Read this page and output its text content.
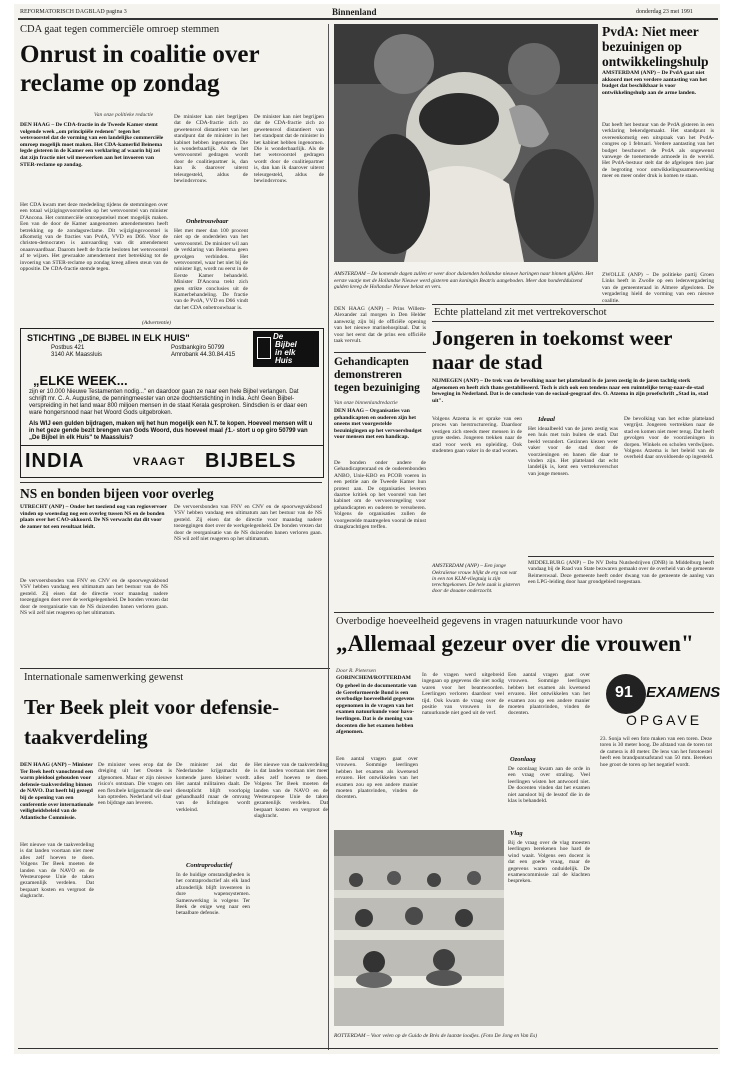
REFORMATORISCH DAGBLAD pagina 3	Binnenland	donderdag 23 mei 1991
CDA gaat tegen commerciële omroep stemmen
Onrust in coalitie over reclame op zondag
Van onze politieke redactie

DEN HAAG – De CDA-fractie in de Tweede Kamer stemt volgende week „om principiële redenen" tegen het wetsvoorstel dat de vorming van een landelijke commerciële omroep mogelijk moet maken. Het CDA-kamerlid Beinema legde gisteren in de Kamer een verklaring af waarin hij zei dat zijn fractie niet wil meewerken aan het invoeren van STER-reclame op zondag.

Het CDA kwam met deze mededeling tijdens de stemmingen over een totaal wijzigingsvoorstellen op het wetsvoorstel van minister D'Ancona. Het commerciële omroepstelsel moet mogelijk maken. Een van de door de Kamer aangenomen amendementen heeft betrekking op de zondagsreclame. Dit wijzigingsvoorstel is afkomstig van de fracties van PvdA, VVD en D66. Voor de christen-democraten is aanvaarding van dit amendement onaanvaardbaar. Daarom heeft de fractie besloten het wetsvoorstel af te wijzen. Het gewraakte amendement met betrekking tot de invoering van STER-reclame op zondag kreeg alleen steun van de oppositie. De CDA-fractie stemde tegen.

De minister kan niet begrijpen dat de CDA-fractie zich zo gewetensvol distantieert van het standpunt dat de minister in het kabinet hebben ingenomen. Die is wonderbaarlijk. Als de het wetsvoorstel gedragen wordt door de coalitiepartner is, dan kan ik daarover uiterst teleurgesteld, aldus de bewindsvrouw.

Onbetrouwbaar

Het met meer dan 100 procent niet op de onderdelen van het wetsvoorstel. De minister wil aan de verklaring van Beinema geen gevolgen verbinden. Het wetsvoorstel, waar het niet bij de minister ligt, wordt nu eerst in de Eerste Kamer behandeld. Minister D'Ancona trekt zich geen strikte conclusies uit de Kamerbehandeling. De fractie van de PvdA, VVD en D66 vindt dat het CDA onbetrouwbaar is.

De minister kan niet begrijpen dat de CDA-fractie zich zo gewetensvol distantieert van het standpunt dat de minister in het kabinet hebben ingenomen. Die is wonderbaarlijk. Als de het wetsvoorstel gedragen wordt door de coalitiepartner is, dan kan ik daarover uiterst teleurgesteld, aldus de bewindsvrouw.

(Advertentie)
STICHTING „DE BIJBEL IN ELK HUIS"
Postbus 421
3140 AK Maassluis
Postbankgiro 50799
Amrobank 44.30.84.415
De
Bijbel
in elk
Huis
„ELKE WEEK...

zijn er 10.000 Nieuwe Testamenten nodig..." en daardoor gaan ze naar een hele Bijbel verlangen. Dat schrijft mr. C. A. Augustine, de penningmeester van onze dochterstichting in India. Ach! Geen Bijbel-verspreiding in het land waar 800 miljoen mensen in de staat Kerala gesproken. Sindsdien is er daar een ware hongersnood naar het Woord Gods uitgebroken.

Als WIJ een gulden bijdragen, maken wij het hun mogelijk een N.T. te kopen. Hoeveel mensen wilt u in het geze gende bezit brengen van Gods Woord, dus hoeveel maal ƒ1.- stort u op giro 50799 van „De Bijbel in elk Huis" te Maassluis?

INDIA	VRAAGT BIJBELS
NS en bonden bijeen voor overleg

UTRECHT (ANP) – Onder het toeziend oog van regiovervoer vinden op woensdag nog een overleg tussen NS en de bonden plaats over het CAO-akkoord. De NS verwacht dat dit voor de zomer tot een resultaat leidt.

De vervoersbonden van FNV en CNV en de spoorwegvakbond VSV hebben vandaag een ultimatum aan het bestuur van de NS gesteld. Zij eisen dat de directie voor maandag nadere toezeggingen doet over de werkgelegenheid. De bonden vrezen dat door de reorganisatie van de NS duizenden banen verloren gaan. NS wil zelf niet reageren op het ultimatum.

De vervoersbonden van FNV en CNV en de spoorwegvakbond VSV hebben vandaag een ultimatum aan het bestuur van de NS gesteld. Zij eisen dat de directie voor maandag nadere toezeggingen doet over de werkgelegenheid. De bonden vrezen dat door de reorganisatie van de NS duizenden banen verloren gaan. NS wil zelf niet reageren op het ultimatum.

Internationale samenwerking gewenst
Ter Beek pleit voor defensie-taakverdeling

DEN HAAG (ANP) – Minister Ter Beek heeft vanochtend een warm pleidooi gehouden voor defensie-taakverdeling binnen de NAVO. Dat heeft hij gezegd bij de opening van een conferentie over internationale veiligheidsbeleid van de Atlantische Commissie.

Het nieuwe van de taakverdeling is dat landen voortaan niet meer alles zelf hoeven te doen. Volgens Ter Beek moeten de landen van de NAVO en de Westeuropese Unie de taken gezamenlijk verdelen. Dat bespaart kosten en vergroot de slagkracht.

De minister wees erop dat de dreiging uit het Oosten is afgenomen. Maar er zijn nieuwe risico's ontstaan. Die vragen om een flexibele krijgsmacht die snel kan optreden. Nederland wil daar een bijdrage aan leveren.

De minister zei dat de Nederlandse krijgsmacht de komende jaren kleiner wordt. Het aantal militairen daalt. De dienstplicht blijft voorlopig gehandhaafd maar de omvang van de lichtingen wordt verkleind.

Contraproductief

In de huidige omstandigheden is het contraproductief als elk land afzonderlijk blijft investeren in dure wapensystemen. Samenwerking is volgens Ter Beek de enige weg naar een betaalbare defensie.

Het nieuwe van de taakverdeling is dat landen voortaan niet meer alles zelf hoeven te doen. Volgens Ter Beek moeten de landen van de NAVO en de Westeuropese Unie de taken gezamenlijk verdelen. Dat bespaart kosten en vergroot de slagkracht.

AMSTERDAM – De komende dagen zullen er weer door duizenden hollandse nieuwe haringen naar binnen glijden. Het eerste vaatje met de Hollandse Nieuwe werd gisteren aan koningin Beatrix aangeboden. Meer dan honderdduizend gulden kreeg de Hollandse Nieuwe belast en vers.

DEN HAAG (ANP) – Prins Willem-Alexander zal morgen in Den Helder aanwezig zijn bij de officiële opening van het nieuwe marinehospitaal. Dat is voor het eerst dat de prins een officiële taak vervult.

Gehandicapten demonstreren tegen bezuiniging
Van onze binnenlandredactie

DEN HAAG – Organisaties van gehandicapten en ouderen zijn het oneens met voorgestelde bezuinigingen op het vervoersbudget voor mensen met een handicap.

De bonden onder andere de Gehandicaptenraad en de ouderenbonden ANBO, Unie-KBO en PCOB voeren in een petitie aan de Tweede Kamer hun protest aan. De organisaties leveren daartoe kritiek op het voorstel van het kabinet om de vervoersregeling voor gehandicapten en ouderen te versoberen. Volgens de organisaties zullen de voorgestelde maatregelen vooral de minst draagkrachtigen treffen.

AMSTERDAM (ANP) – Een jonge Oekraïense vrouw blijkt de erg van wat in een ton KLM-vliegtuig is zijn terechtgekomen. De hele zaak is gisteren door de douane onderzocht.

Echte platteland zit met vertrekoverschot
Jongeren in toekomst weer naar de stad

NIJMEGEN (ANP) – De trek van de bevolking naar het platteland is de jaren zestig in de jaren tachtig sterk afgenomen en heeft zich thans gestabiliseerd. Toch is zich ook een tendens naar een ruimtelijke terug-naar-de-stad beweging in Nederland. Dat is de conclusie van de sociaal-geograaf drs. O. Atzema in zijn proefschrift „Stad in, stad uit".

Volgens Atzema is er sprake van een proces van herstructurering. Daardoor vestigen zich steeds meer mensen in de grote steden. Jongeren trekken naar de stad voor werk en opleiding. Ook studenten gaan vaker in de stad wonen.

Ideaal

Het ideaalbeeld van de jaren zestig was een huis met tuin buiten de stad. Dat beeld verandert. Gezinnen kiezen weer vaker voor de stad door de voorzieningen en banen die daar te vinden zijn. Het platteland dat echt landelijk is, kent een vertrekoverschot van jonge mensen.

De bevolking van het echte platteland vergrijst. Jongeren vertrekken naar de stad en komen niet meer terug. Dat heeft gevolgen voor de voorzieningen in dorpen. Winkels en scholen verdwijnen. Volgens Atzema is het beleid van de overheid daar onvoldoende op ingesteld.

MIDDELBURG (ANP) – De NV Delta Nutsbedrijven (DNB) in Middelburg heeft vandaag bij de Raad van State bezwaren gemaakt over de overheid van de gemeente Reimerswaal. Deze gemeente heeft onder dwang van de gemeente de aanleg van een LPG-leiding door haar grondgebied toegestaan.

PvdA: Niet meer bezuinigen op ontwikkelingshulp

AMSTERDAM (ANP) – De PvdA gaat niet akkoord met een verdere aantasting van het budget dat beschikbaar is voor ontwikkelingshulp aan de arme landen.

Dat heeft het bestuur van de PvdA gisteren in een verklaring bekendgemaakt. Het standpunt is overeenkomstig een uitspraak van het PvdA-congres op 1 februari. Verdere aantasting van het budget beschouwt de PvdA als ongewenst vanwege de toenemende armoede in de wereld. Het PvdA-bestuur stelt dat de afgelopen tien jaar de begroting voor ontwikkelingssamenwerking meer en meer onder druk is komen te staan.

ZWOLLE (ANP) – De politieke partij Groen Links heeft in Zwolle op een ledenvergadering van de gemeenteraad in Almere afgesloten. De vergadering hield de vorming van een nieuwe coalitie.

Overbodige hoeveelheid gegevens in vragen natuurkunde voor havo
„Allemaal gezeur over die vrouwen"
Door R. Pietersen
GORINCHEM/ROTTERDAM

Op geheel in de documentatie van de Gereformeerde Bond is een overbodige hoeveelheid gegevens opgenomen in de vragen van het examen natuurkunde voor havo-leerlingen. Dat is de mening van docenten die het examen hebben afgenomen.

Een aantal vragen gaat over vrouwen. Sommige leerlingen hebben het examen als kwetsend ervaren. Het ontwikkelen van het examen zou op een andere manier moeten plaatsvinden, vinden de docenten.

In de vragen werd uitgebreid ingegaan op gegevens die niet nodig waren voor het beantwoorden. Leerlingen verloren daardoor veel tijd. Ook kwam de vraag over de positie van vrouwen in de natuurkunde niet goed uit de verf.

Een aantal vragen gaat over vrouwen. Sommige leerlingen hebben het examen als kwetsend ervaren. Het ontwikkelen van het examen zou op een andere manier moeten plaatsvinden, vinden de docenten.

Ozonlaag

De ozonlaag kwam aan de orde in een vraag over straling. Veel leerlingen wisten het antwoord niet. De docenten vinden dat het examen niet aansloot bij de lesstof die in de klas is behandeld.

Vlag

Bij de vraag over de vlag moesten leerlingen berekenen hoe hard de wind waait. Volgens een docent is dat een goede vraag, maar de gegevens waren onduidelijk. De examencommissie zal de klachten bespreken.

91 EXAMENS
OPGAVE

23. Sonja wil een foto maken van een toren. Deze toren is 30 meter hoog. De afstand van de toren tot de camera is 40 meter. De lens van het fototoestel heeft een brandpuntsafstand van 50 mm. Bereken hoe groot de toren op het negatief wordt.

ROTTERDAM – Voor velen op de Guido de Brès de laatste loodjes. (Foto De Jong en Van Es)
